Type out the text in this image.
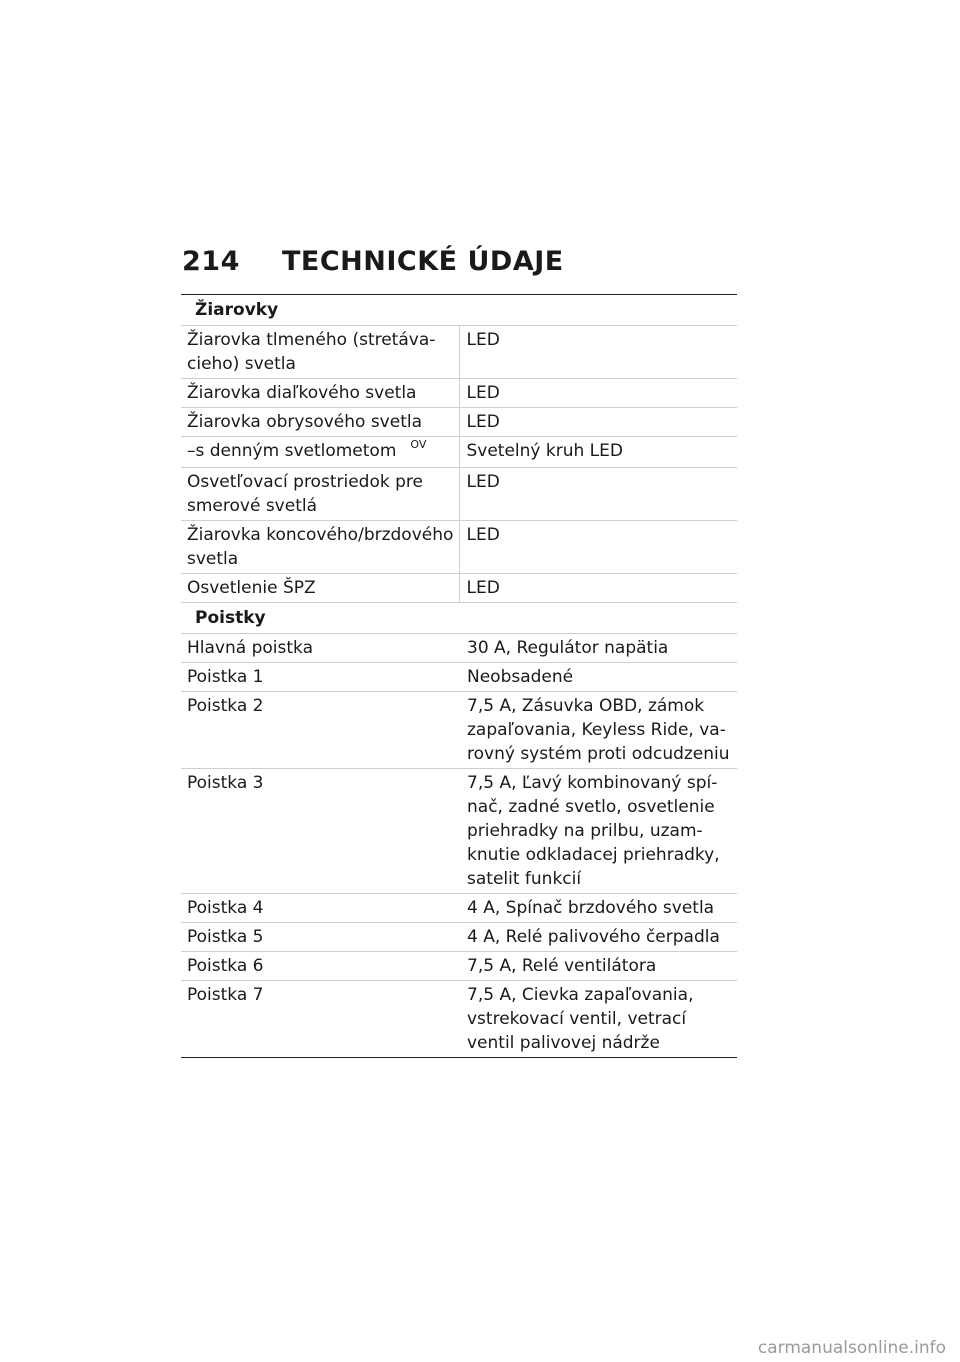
214	TECHNICKÉ ÚDAJE
Žiarovky	
Žiarovka tlmeného (stretáva-cieho) svetla	LED
Žiarovka diaľkového svetla	LED
Žiarovka obrysového svetla	LED
–s denným svetlometom $^{OV}$	Svetelný kruh LED
Osvetľovací prostriedok pre smerové svetlá	LED
Žiarovka koncového/brzdového svetla	LED
Osvetlenie ŠPZ	LED
Poistky	
Hlavná poistka	30 A, Regulátor napätia
Poistka 1	Neobsadené
Poistka 2	7,5 A, Zásuvka OBD, zámok zapaľovania, Keyless Ride, va-rovný systém proti odcudzeniu
Poistka 3	7,5 A, Ľavý kombinovaný spí-nač, zadné svetlo, osvetlenie priehradky na prilbu, uzam-knutie odkladacej priehradky, satelit funkcií
Poistka 4	4 A, Spínač brzdového svetla
Poistka 5	4 A, Relé palivového čerpadla
Poistka 6	7,5 A, Relé ventilátora
Poistka 7	7,5 A, Cievka zapaľovania, vstrekovací ventil, vetrací ventil palivovej nádrže
carmanualsonline.info
